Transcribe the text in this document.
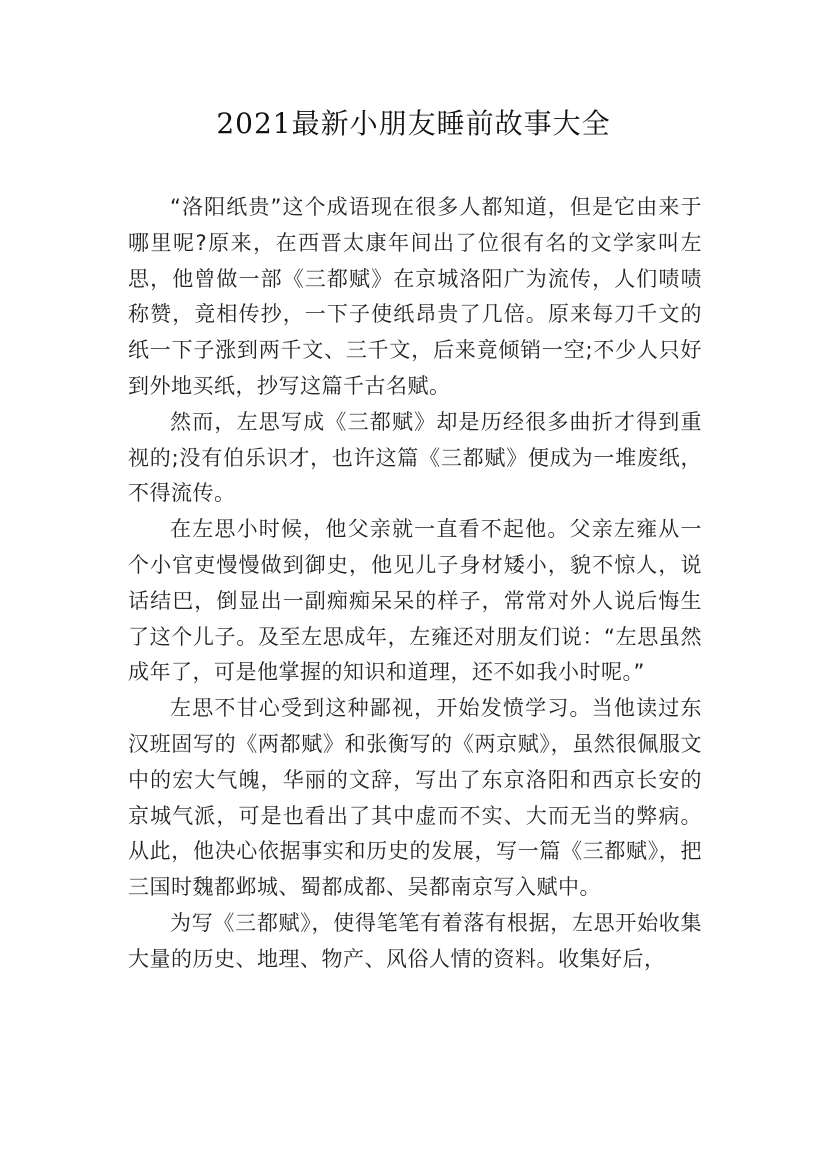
2021最新小朋友睡前故事大全

“洛阳纸贵”这个成语现在很多人都知道，但是它由来于哪里呢?原来，在西晋太康年间出了位很有名的文学家叫左思，他曾做一部《三都赋》在京城洛阳广为流传，人们啧啧称赞，竟相传抄，一下子使纸昂贵了几倍。原来每刀千文的纸一下子涨到两千文、三千文，后来竟倾销一空;不少人只好到外地买纸，抄写这篇千古名赋。

然而，左思写成《三都赋》却是历经很多曲折才得到重视的;没有伯乐识才，也许这篇《三都赋》便成为一堆废纸，不得流传。

在左思小时候，他父亲就一直看不起他。父亲左雍从一个小官吏慢慢做到御史，他见儿子身材矮小，貌不惊人，说话结巴，倒显出一副痴痴呆呆的样子，常常对外人说后悔生了这个儿子。及至左思成年，左雍还对朋友们说：“左思虽然成年了，可是他掌握的知识和道理，还不如我小时呢。”

左思不甘心受到这种鄙视，开始发愤学习。当他读过东汉班固写的《两都赋》和张衡写的《两京赋》，虽然很佩服文中的宏大气魄，华丽的文辞，写出了东京洛阳和西京长安的京城气派，可是也看出了其中虚而不实、大而无当的弊病。从此，他决心依据事实和历史的发展，写一篇《三都赋》，把三国时魏都邺城、蜀都成都、吴都南京写入赋中。

为写《三都赋》，使得笔笔有着落有根据，左思开始收集大量的历史、地理、物产、风俗人情的资料。收集好后，
